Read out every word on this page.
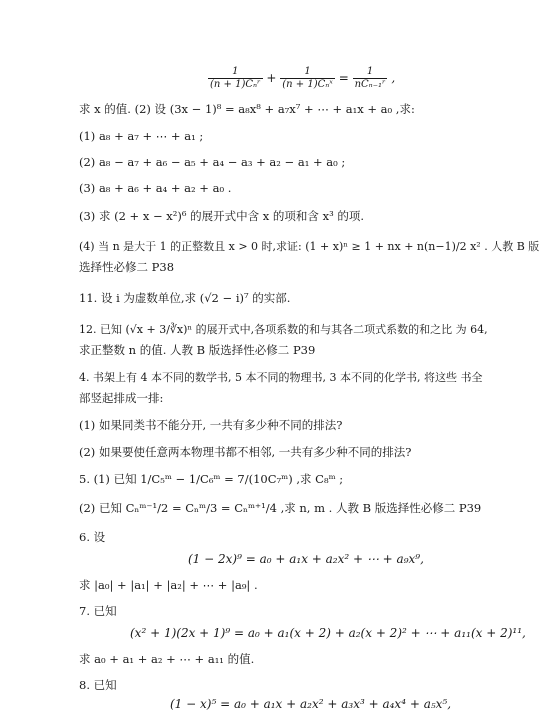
$\frac{1}{\text{(n + 1)Cₙʳ}} + \frac{1}{\text{(n + 1)Cₙˣ}} = \frac{1}{\text{nCₙ₋₁ʳ}}$ ,
求 x 的值. (2) 设 (3x − 1)⁸ = a₈x⁸ + a₇x⁷ + ⋯ + a₁x + a₀ ,求:
(1) a₈ + a₇ + ⋯ + a₁ ;
(2) a₈ − a₇ + a₆ − a₅ + a₄ − a₃ + a₂ − a₁ + a₀ ;
(3) a₈ + a₆ + a₄ + a₂ + a₀ .
(3) 求 (2 + x − x²)⁶ 的展开式中含 x 的项和含 x³ 的项.
(4) 当 n 是大于 1 的正整数且 x > 0 时,求证: (1 + x)ⁿ ≥ 1 + nx + n(n−1)/2 x² . 人教 B 版
选择性必修二 P38
11. 设 i 为虚数单位,求 (√2 − i)⁷ 的实部.
12. 已知 (√x + 3/∛x)ⁿ 的展开式中,各项系数的和与其各二项式系数的和之比 为 64,
求正整数 n 的值. 人教 B 版选择性必修二 P39
4. 书架上有 4 本不同的数学书, 5 本不同的物理书, 3 本不同的化学书, 将这些 书全
部竖起排成一排:
(1) 如果同类书不能分开, 一共有多少种不同的排法?
(2) 如果要使任意两本物理书都不相邻, 一共有多少种不同的排法?
5. (1) 已知 1/C₅ᵐ − 1/C₆ᵐ = 7/(10C₇ᵐ) ,求 C₈ᵐ ;
(2) 已知 Cₙᵐ⁻¹/2 = Cₙᵐ/3 = Cₙᵐ⁺¹/4 ,求 n, m . 人教 B 版选择性必修二 P39
6. 设
(1 − 2x)⁹ = a₀ + a₁x + a₂x² + ⋯ + a₉x⁹,
求 |a₀| + |a₁| + |a₂| + ⋯ + |a₉| .
7. 已知
(x² + 1)(2x + 1)⁹ = a₀ + a₁(x + 2) + a₂(x + 2)² + ⋯ + a₁₁(x + 2)¹¹,
求 a₀ + a₁ + a₂ + ⋯ + a₁₁ 的值.
8. 已知
(1 − x)⁵ = a₀ + a₁x + a₂x² + a₃x³ + a₄x⁴ + a₅x⁵,
